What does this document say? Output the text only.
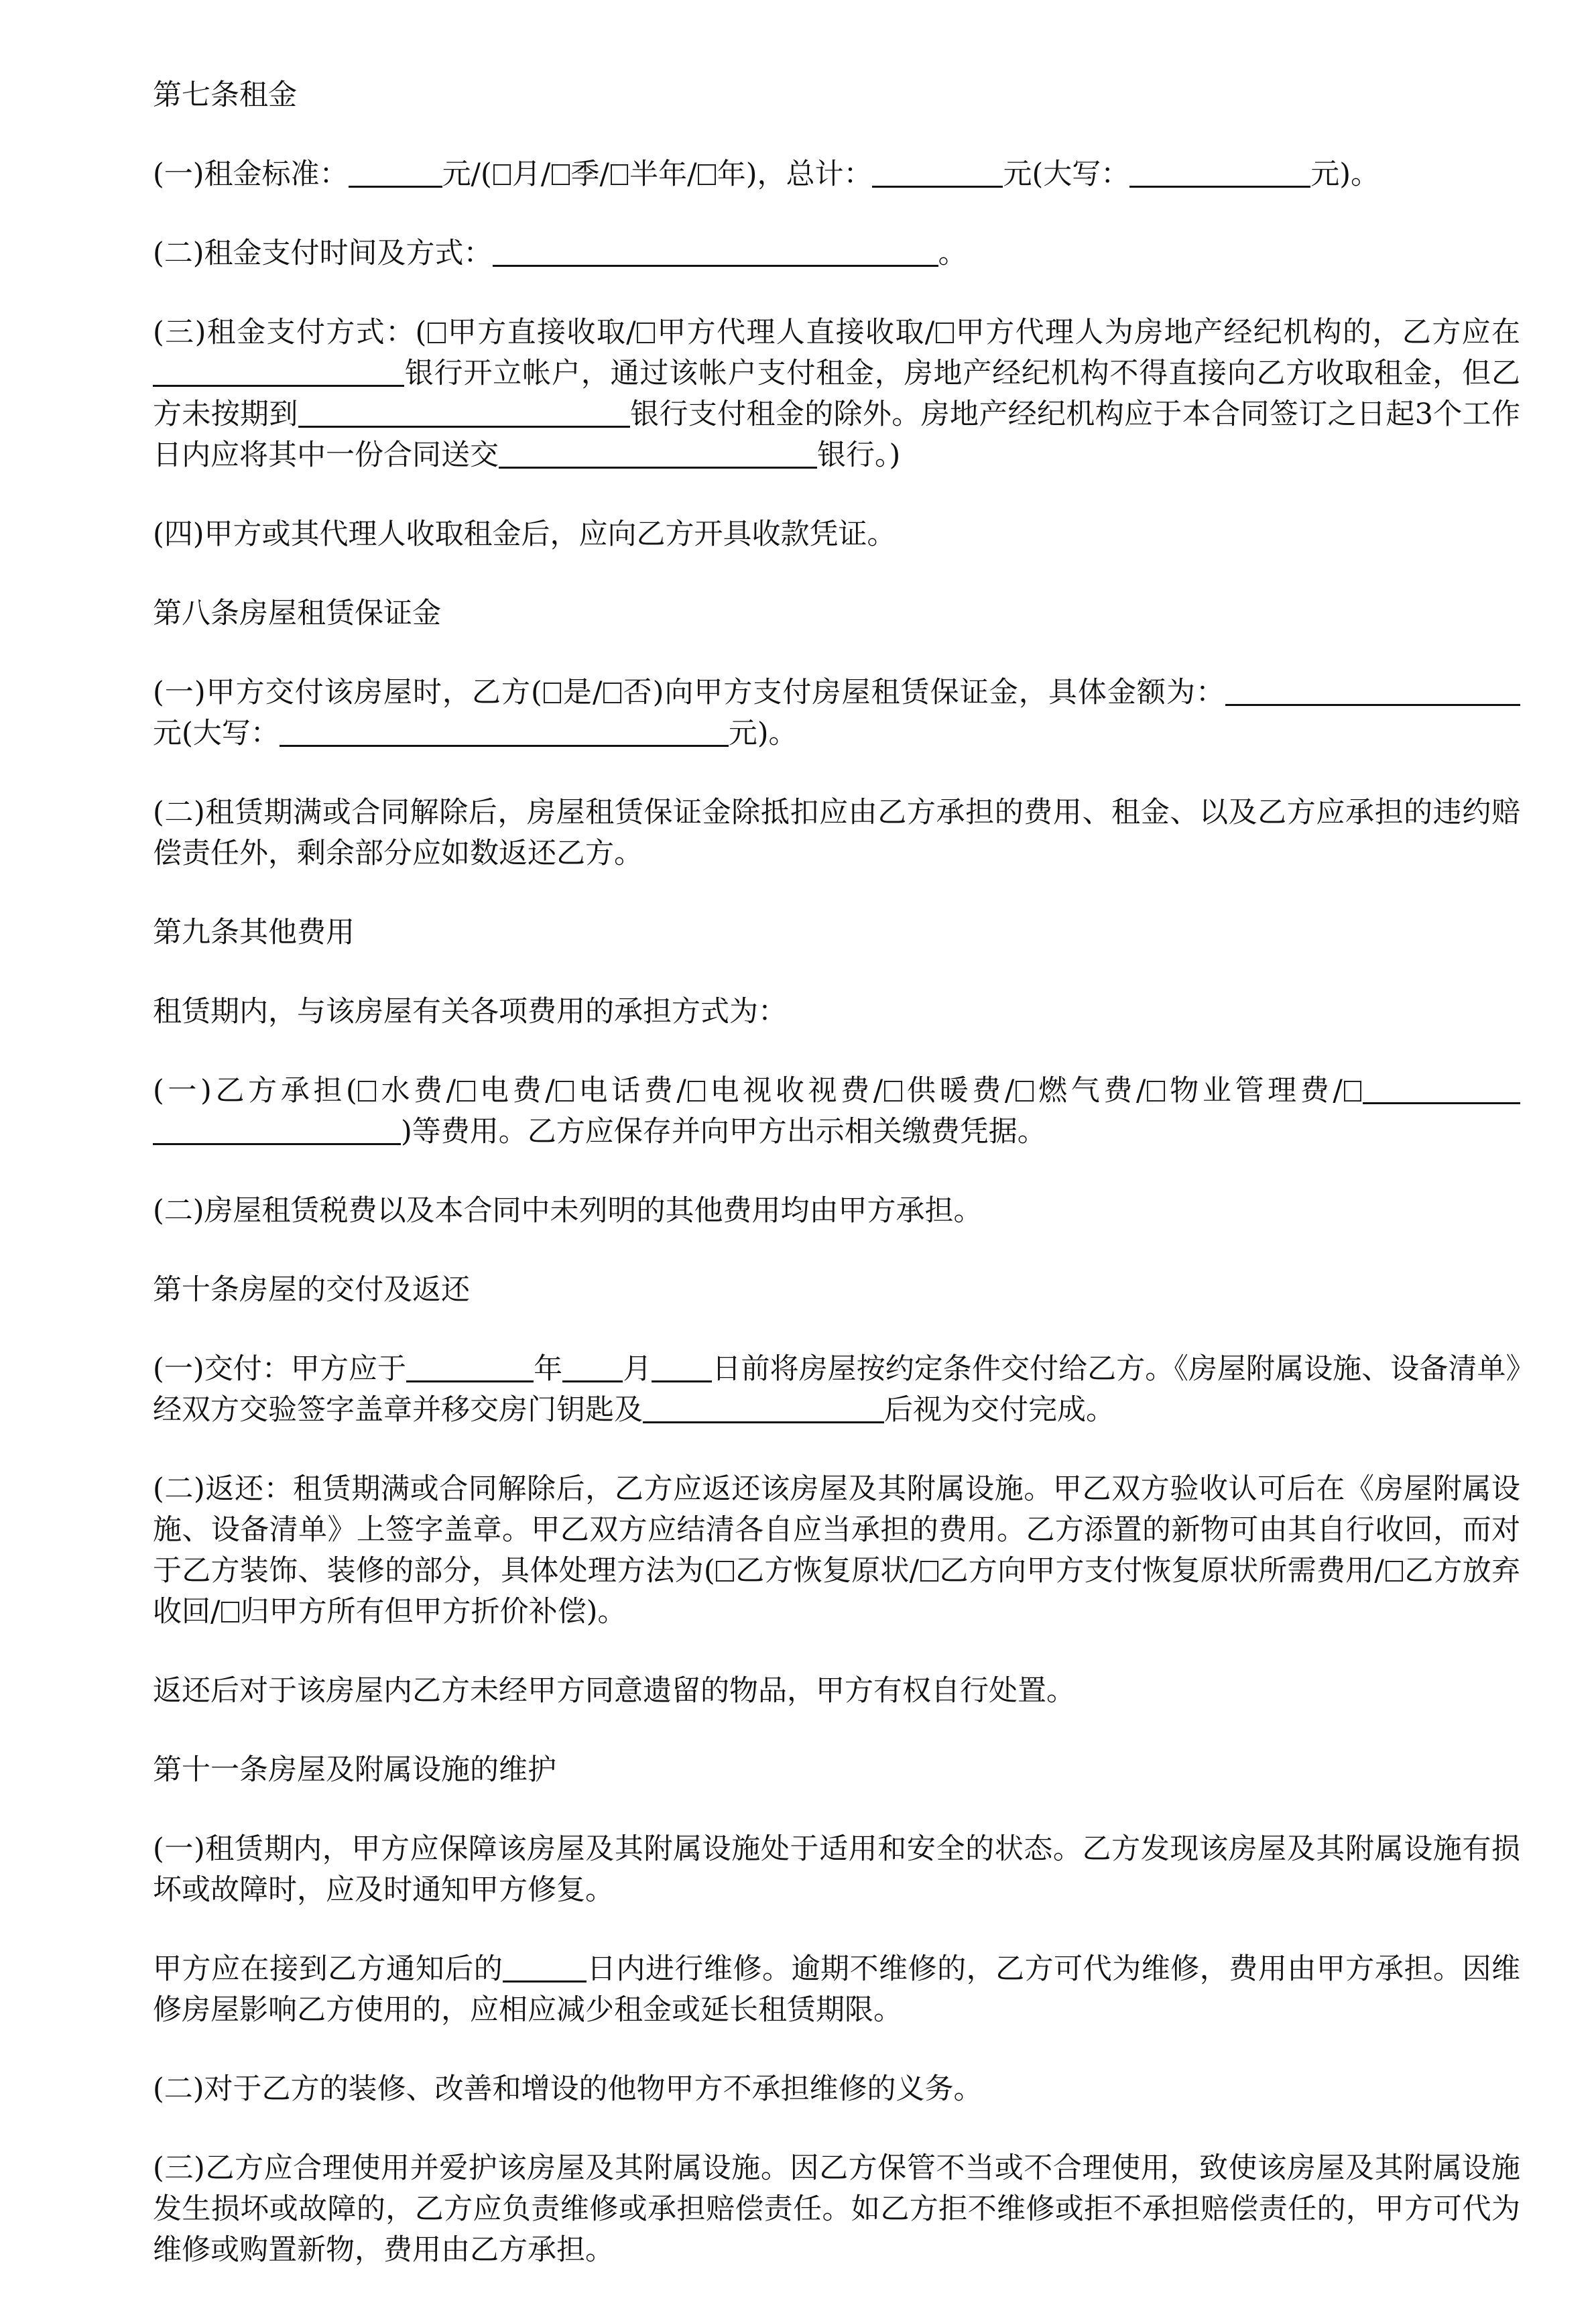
第七条租金
(一)租金标准：	元/( 月/ 季/ 半年/ 年)，总计：	元(大写：	元)。
(二)租金支付时间及方式：	。
(三)租金支付方式：( 甲方直接收取/ 甲方代理人直接收取/ 甲方代理人为房地产经纪机构的，乙方应在银行开立帐户，通过该帐户支付租金，房地产经纪机构不得直接向乙方收取租金，但乙方未按期到	银行支付租金的除外。房地产经纪机构应于本合同签订之日起3个工作日内应将其中一份合同送交	银行。)
(四)甲方或其代理人收取租金后，应向乙方开具收款凭证。
第八条房屋租赁保证金
(一)甲方交付该房屋时，乙方( 是/ 否)向甲方支付房屋租赁保证金，具体金额为：元(大写：	元)。
(二)租赁期满或合同解除后，房屋租赁保证金除抵扣应由乙方承担的费用、租金、以及乙方应承担的违约赔偿责任外，剩余部分应如数返还乙方。
第九条其他费用
租赁期内，与该房屋有关各项费用的承担方式为：
(一)乙方承担( 水费/ 电费/ 电话费/ 电视收视费/ 供暖费/ 燃气费/ 物业管理费/)等费用。乙方应保存并向甲方出示相关缴费凭据。
(二)房屋租赁税费以及本合同中未列明的其他费用均由甲方承担。
第十条房屋的交付及返还
(一)交付：甲方应于	年 月 日前将房屋按约定条件交付给乙方。《房屋附属设施、设备清单》经双方交验签字盖章并移交房门钥匙及	后视为交付完成。
(二)返还：租赁期满或合同解除后，乙方应返还该房屋及其附属设施。甲乙双方验收认可后在《房屋附属设施、设备清单》上签字盖章。甲乙双方应结清各自应当承担的费用。乙方添置的新物可由其自行收回，而对于乙方装饰、装修的部分，具体处理方法为( 乙方恢复原状/ 乙方向甲方支付恢复原状所需费用/ 乙方放弃收回/ 归甲方所有但甲方折价补偿)。
返还后对于该房屋内乙方未经甲方同意遗留的物品，甲方有权自行处置。
第十一条房屋及附属设施的维护
(一)租赁期内，甲方应保障该房屋及其附属设施处于适用和安全的状态。乙方发现该房屋及其附属设施有损坏或故障时，应及时通知甲方修复。
甲方应在接到乙方通知后的	日内进行维修。逾期不维修的，乙方可代为维修，费用由甲方承担。因维修房屋影响乙方使用的，应相应减少租金或延长租赁期限。
(二)对于乙方的装修、改善和增设的他物甲方不承担维修的义务。
(三)乙方应合理使用并爱护该房屋及其附属设施。因乙方保管不当或不合理使用，致使该房屋及其附属设施发生损坏或故障的，乙方应负责维修或承担赔偿责任。如乙方拒不维修或拒不承担赔偿责任的，甲方可代为维修或购置新物，费用由乙方承担。
